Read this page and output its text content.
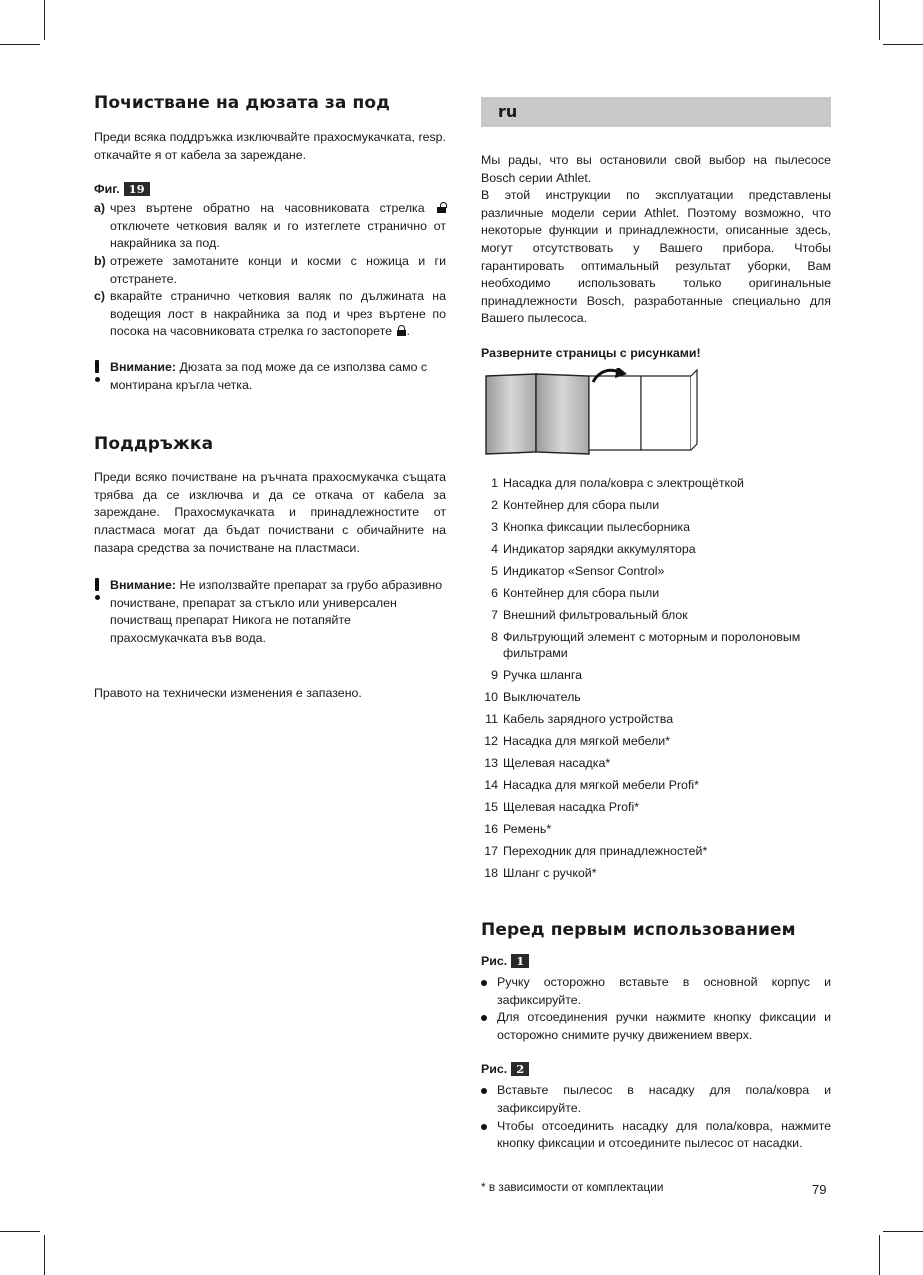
Почистване на дюзата за под

Преди всяка поддръжка изключвайте прахосмукачката, resp. откачайте я от кабела за зареждане.

Фиг. 19
a) чрез въртене обратно на часовниковата стрелка
отключете четковия валяк и го изтеглете странично от накрайника за под.
b) отрежете замотаните конци и косми с ножица и ги отстранете.
c) вкарайте странично четковия валяк по дължината на водещия лост в накрайника за под и чрез въртене по посока на часовниковата стрелка го застопорете .
Внимание: Дюзата за под може да се използва само с монтирана кръгла четка.
Поддръжка

Преди всяко почистване на ръчната прахосмукачка същата трябва да се изключва и да се откача от кабела за зареждане. Прахосмукачката и принадлежностите от пластмаса могат да бъдат почиствани с обичайните на пазара средства за почистване на пластмаси.

Внимание: Не използвайте препарат за грубо абразивно почистване, препарат за стъкло или универсален почистващ препарат Никога не потапяйте прахосмукачката във вода.

Правото на технически изменения е запазено.

ru

Мы рады, что вы остановили свой выбор на пылесосе Bosch серии Athlet.

В этой инструкции по эксплуатации представлены различные модели серии Athlet. Поэтому возможно, что некоторые функции и принадлежности, описанные здесь, могут отсутствовать у Вашего прибора. Чтобы гарантировать оптимальный результат уборки, Вам необходимо использовать только оригинальные принадлежности Bosch, разработанные специально для Вашего пылесоса.

Разверните страницы с рисунками!
1 Насадка для пола/ковра с электрощёткой
2 Контейнер для сбора пыли
3 Кнопка фиксации пылесборника
4 Индикатор зарядки аккумулятора
5 Индикатор «Sensor Control»
6 Контейнер для сбора пыли
7 Внешний фильтровальный блок
8 Фильтрующий элемент с моторным и поролоновым фильтрами
9 Ручка шланга
10 Выключатель
11 Кабель зарядного устройства
12 Насадка для мягкой мебели*
13 Щелевая насадка*
14 Насадка для мягкой мебели Profi*
15 Щелевая насадка Profi*
16 Ремень*
17 Переходник для принадлежностей*
18 Шланг с ручкой*
Перед первым использованием
Рис. 1
Ручку осторожно вставьте в основной корпус и зафиксируйте.
Для отсоединения ручки нажмите кнопку фиксации и осторожно снимите ручку движением вверх.
Рис. 2
Вставьте пылесос в насадку для пола/ковра и зафиксируйте.
Чтобы отсоединить насадку для пола/ковра, нажмите кнопку фиксации и отсоедините пылесос от насадки.
* в зависимости от комплектации	79
